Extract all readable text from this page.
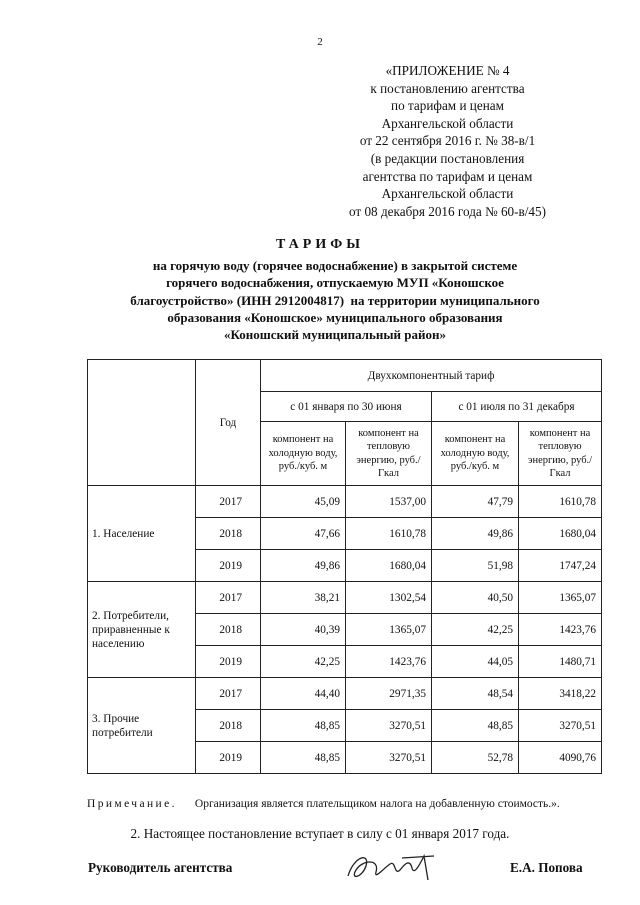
2
«ПРИЛОЖЕНИЕ № 4
к постановлению агентства
по тарифам и ценам
Архангельской области
от 22 сентября 2016 г. № 38-в/1
(в редакции постановления
агентства по тарифам и ценам
Архангельской области
от 08 декабря 2016 года № 60-в/45)
ТАРИФЫ
на горячую воду (горячее водоснабжение) в закрытой системе
горячего водоснабжения, отпускаемую МУП «Коношское
благоустройство» (ИНН 2912004817)  на территории муниципального
образования «Коношское» муниципального образования
«Коношский муниципальный район»
	Год	Двухкомпонентный тариф			
		с 01 января по 30 июня		с 01 июля по 31 декабря	
		компонент на холодную воду, руб./куб. м	компонент на тепловую энергию, руб./Гкал	компонент на холодную воду, руб./куб. м	компонент на тепловую энергию, руб./Гкал
1. Население	2017	45,09	1537,00	47,79	1610,78
	2018	47,66	1610,78	49,86	1680,04
	2019	49,86	1680,04	51,98	1747,24
2. Потребители, приравненные к населению	2017	38,21	1302,54	40,50	1365,07
	2018	40,39	1365,07	42,25	1423,76
	2019	42,25	1423,76	44,05	1480,71
3. Прочие потребители	2017	44,40	2971,35	48,54	3418,22
	2018	48,85	3270,51	48,85	3270,51
	2019	48,85	3270,51	52,78	4090,76
Примечание. Организация является плательщиком налога на добавленную стоимость.».
2. Настоящее постановление вступает в силу с 01 января 2017 года.
Руководитель агентства	Е.А. Попова
